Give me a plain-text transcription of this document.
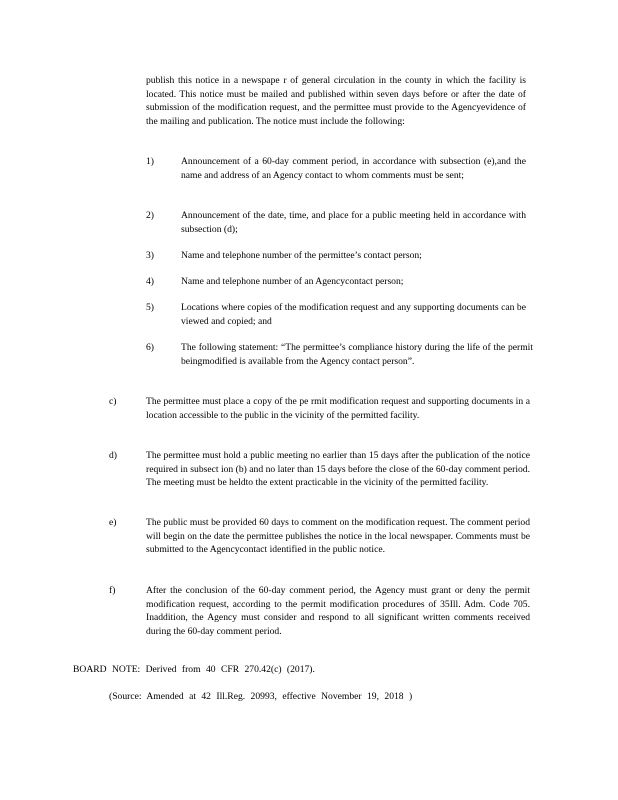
publish this notice in a newspape r of general circulation in the county in which the facility is located. This notice must be mailed and published within seven days before or after the date of submission of the modification request, and the permittee must provide to the Agencyevidence of the mailing and publication. The notice must include the following:
1)	Announcement of a 60-day comment period, in accordance with subsection (e),and the name and address of an Agency contact to whom comments must be sent;
2)	Announcement of the date, time, and place for a public meeting held in accordance with subsection (d);
3)	Name and telephone number of the permittee’s contact person;
4)	Name and telephone number of an Agencycontact person;
5)	Locations where copies of the modification request and any supporting documents can be viewed and copied; and
6)	The following statement: “The permittee’s compliance history during the life of the permit beingmodified is available from the Agency contact person”.
c)	The permittee must place a copy of the pe rmit modification request and supporting documents in a location accessible to the public in the vicinity of the permitted facility.
d)	The permittee must hold a public meeting no earlier than 15 days after the publication of the notice required in subsect ion (b) and no later than 15 days before the close of the 60-day comment period. The meeting must be heldto the extent practicable in the vicinity of the permitted facility.
e)	The public must be provided 60 days to comment on the modification request. The comment period will begin on the date the permittee publishes the notice in the local newspaper. Comments must be submitted to the Agencycontact identified in the public notice.
f)	After the conclusion of the 60-day comment period, the Agency must grant or deny the permit modification request, according to the permit modification procedures of 35Ill. Adm. Code 705. Inaddition, the Agency must consider and respond to all significant written comments received during the 60-day comment period.
BOARD NOTE: Derived from 40 CFR 270.42(c) (2017).
(Source: Amended at 42 Ill.Reg. 20993, effective November 19, 2018 )
